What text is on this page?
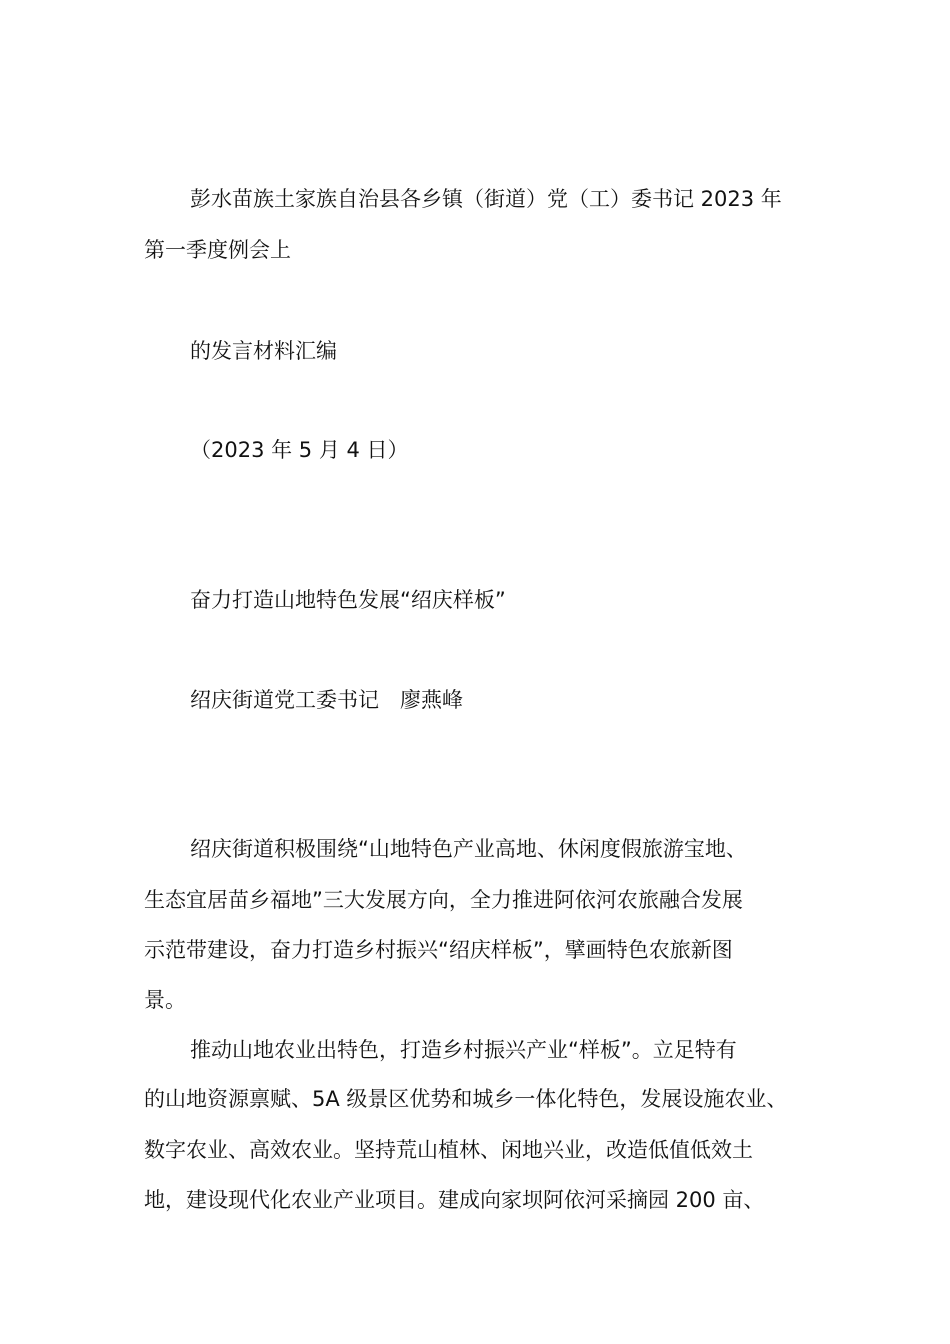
彭水苗族土家族自治县各乡镇（街道）党（工）委书记 2023 年
第一季度例会上
的发言材料汇编
（2023 年 5 月 4 日）
奋力打造山地特色发展“绍庆样板”
绍庆街道党工委书记　廖燕峰
绍庆街道积极围绕“山地特色产业高地、休闲度假旅游宝地、
生态宜居苗乡福地”三大发展方向，全力推进阿依河农旅融合发展
示范带建设，奋力打造乡村振兴“绍庆样板”，擘画特色农旅新图
景。
推动山地农业出特色，打造乡村振兴产业“样板”。立足特有
的山地资源禀赋、5A 级景区优势和城乡一体化特色，发展设施农业、
数字农业、高效农业。坚持荒山植林、闲地兴业，改造低值低效土
地，建设现代化农业产业项目。建成向家坝阿依河采摘园 200 亩、
